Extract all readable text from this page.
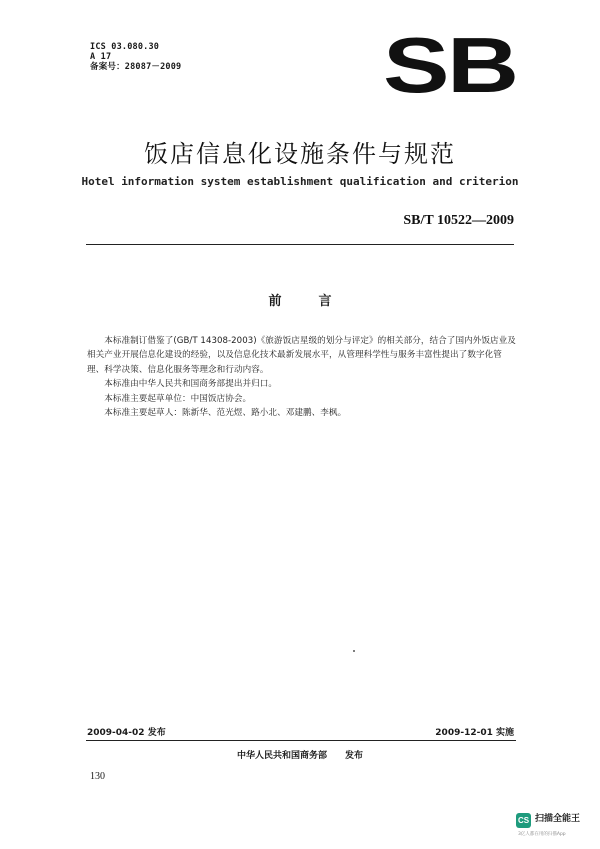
ICS 03.080.30
A 17
备案号：28087－2009	SB
饭店信息化设施条件与规范
Hotel information system establishment qualification and criterion
SB/T 10522—2009
前　言

本标准制订借鉴了(GB/T 14308-2003)《旅游饭店星级的划分与评定》的相关部分，结合了国内外饭店业及相关产业开展信息化建设的经验，以及信息化技术最新发展水平，从管理科学性与服务丰富性提出了数字化管理、科学决策、信息化服务等理念和行动内容。

本标准由中华人民共和国商务部提出并归口。

本标准主要起草单位：中国饭店协会。

本标准主要起草人：陈新华、范光煜、路小北、邓建鹏、李枫。

2009-04-02 发布	2009-12-01 实施
中华人民共和国商务部　　发布
130
CS 扫描全能王
3亿人都在用的扫描App
